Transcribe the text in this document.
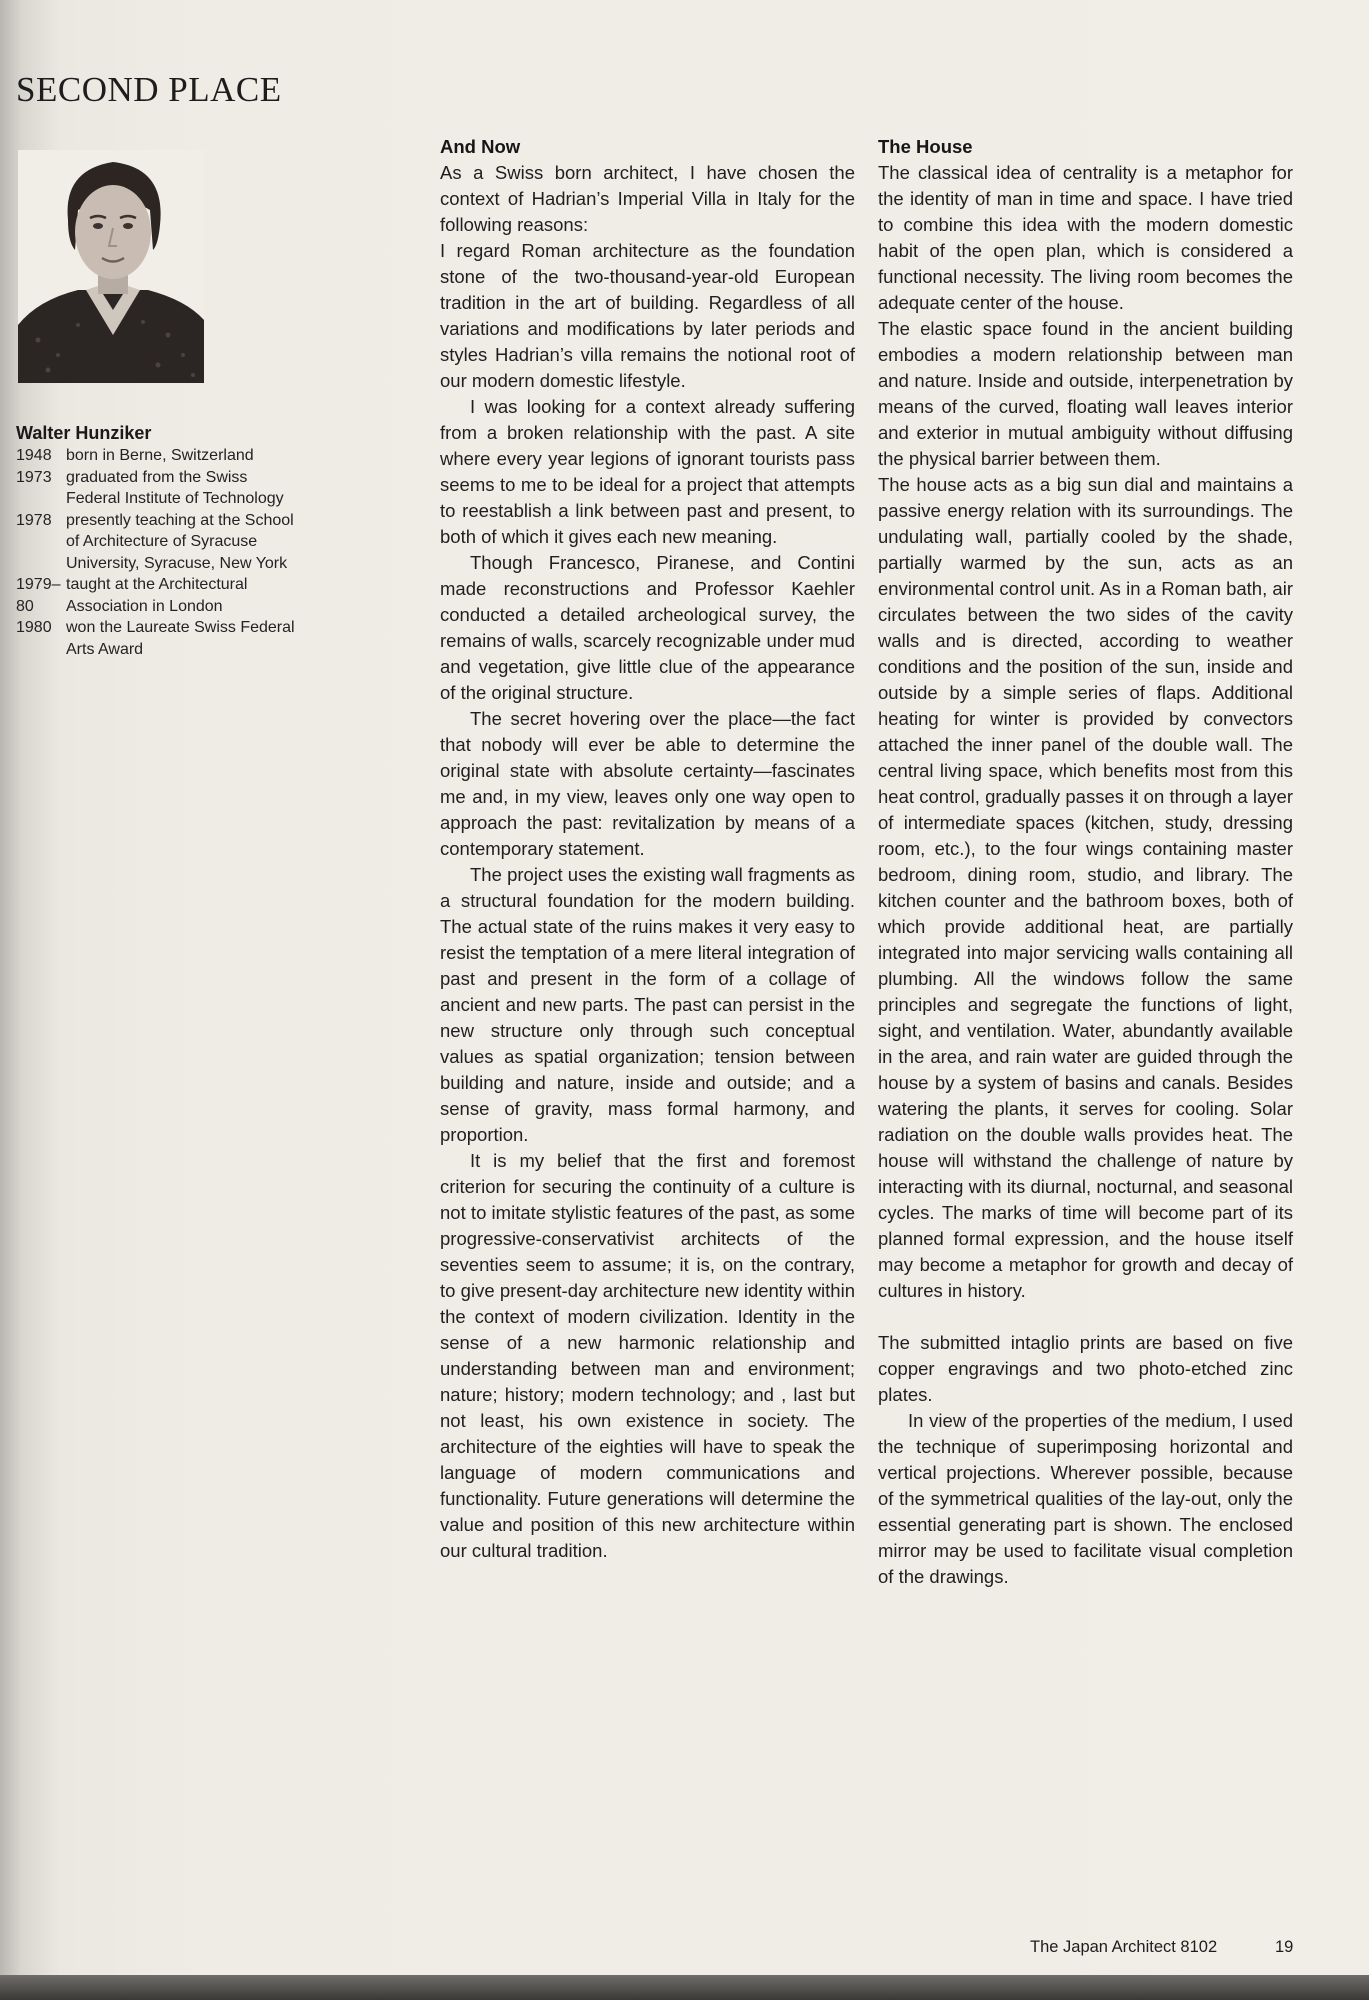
SECOND PLACE
Walter Hunziker
1948 born in Berne, Switzerland
1973 graduated from the Swiss Federal Institute of Technology
1978 presently teaching at the School of Architecture of Syracuse University, Syracuse, New York
1979–80
taught at the Architectural Association in London
1980 won the Laureate Swiss Federal Arts Award
And Now

As a Swiss born architect, I have chosen the context of Hadrian’s Imperial Villa in Italy for the following reasons:

I regard Roman architecture as the foundation stone of the two-thousand-year-old European tradition in the art of building. Regardless of all variations and modifications by later periods and styles Hadrian’s villa remains the notional root of our modern domestic lifestyle.

I was looking for a context already suffering from a broken relationship with the past. A site where every year legions of ignorant tourists pass seems to me to be ideal for a project that attempts to reestablish a link between past and present, to both of which it gives each new meaning.

Though Francesco, Piranese, and Contini made reconstructions and Professor Kaehler conducted a detailed archeological survey, the remains of walls, scarcely recognizable under mud and vegetation, give little clue of the appearance of the original structure.

The secret hovering over the place—the fact that nobody will ever be able to determine the original state with absolute certainty—fascinates me and, in my view, leaves only one way open to approach the past: revitalization by means of a contemporary statement.

The project uses the existing wall fragments as a structural foundation for the modern building. The actual state of the ruins makes it very easy to resist the temptation of a mere literal integration of past and present in the form of a collage of ancient and new parts. The past can persist in the new structure only through such conceptual values as spatial organization; tension between building and nature, inside and outside; and a sense of gravity, mass formal harmony, and proportion.

It is my belief that the first and foremost criterion for securing the continuity of a culture is not to imitate stylistic features of the past, as some progressive-conservativist architects of the seventies seem to assume; it is, on the contrary, to give present-day architecture new identity within the context of modern civilization. Identity in the sense of a new harmonic relationship and understanding between man and environment; nature; history; modern technology; and , last but not least, his own existence in society. The architecture of the eighties will have to speak the language of modern communications and functionality. Future generations will determine the value and position of this new architecture within our cultural tradition.

The House

The classical idea of centrality is a metaphor for the identity of man in time and space. I have tried to combine this idea with the modern domestic habit of the open plan, which is considered a functional necessity. The living room becomes the adequate center of the house.

The elastic space found in the ancient building embodies a modern relationship between man and nature. Inside and outside, interpenetration by means of the curved, floating wall leaves interior and exterior in mutual ambiguity without diffusing the physical barrier between them.

The house acts as a big sun dial and maintains a passive energy relation with its surroundings. The undulating wall, partially cooled by the shade, partially warmed by the sun, acts as an environmental control unit. As in a Roman bath, air circulates between the two sides of the cavity walls and is directed, according to weather conditions and the position of the sun, inside and outside by a simple series of flaps. Additional heating for winter is provided by convectors attached the inner panel of the double wall. The central living space, which benefits most from this heat control, gradually passes it on through a layer of intermediate spaces (kitchen, study, dressing room, etc.), to the four wings containing master bedroom, dining room, studio, and library. The kitchen counter and the bathroom boxes, both of which provide additional heat, are partially integrated into major servicing walls containing all plumbing. All the windows follow the same principles and segregate the functions of light, sight, and ventilation. Water, abundantly available in the area, and rain water are guided through the house by a system of basins and canals. Besides watering the plants, it serves for cooling. Solar radiation on the double walls provides heat. The house will withstand the challenge of nature by interacting with its diurnal, nocturnal, and seasonal cycles. The marks of time will become part of its planned formal expression, and the house itself may become a metaphor for growth and decay of cultures in history.

The submitted intaglio prints are based on five copper engravings and two photo-etched zinc plates.

In view of the properties of the medium, I used the technique of superimposing horizontal and vertical projections. Wherever possible, because of the symmetrical qualities of the lay-out, only the essential generating part is shown. The enclosed mirror may be used to facilitate visual completion of the drawings.

The Japan Architect 8102	19
